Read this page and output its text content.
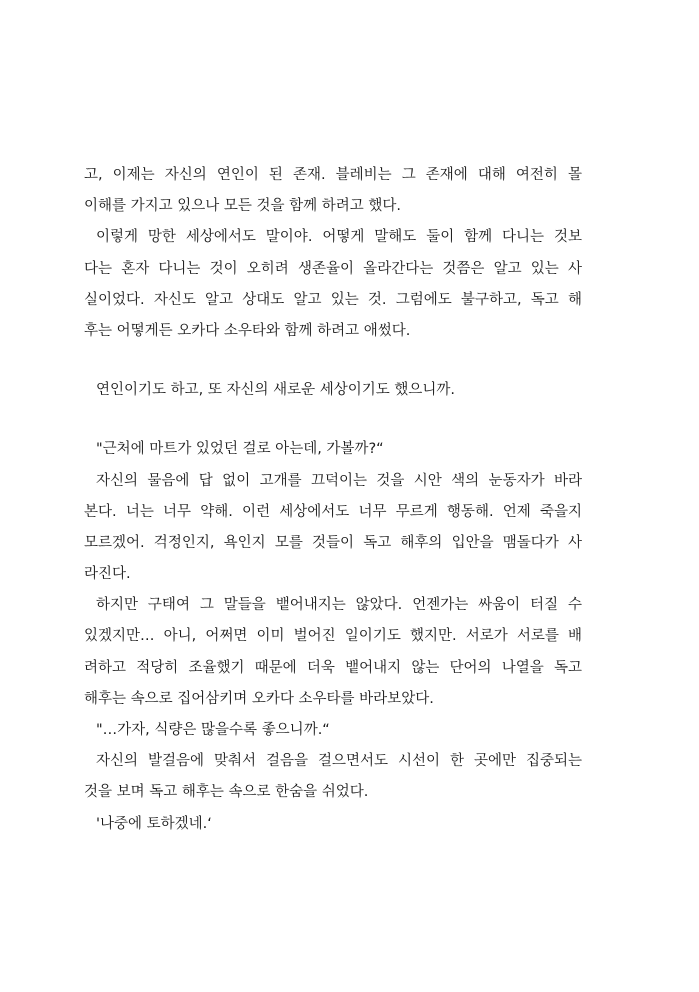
고, 이제는 자신의 연인이 된 존재. 블레비는 그 존재에 대해 여전히 몰
이해를 가지고 있으나 모든 것을 함께 하려고 했다.
이렇게 망한 세상에서도 말이야. 어떻게 말해도 둘이 함께 다니는 것보
다는 혼자 다니는 것이 오히려 생존율이 올라간다는 것쯤은 알고 있는 사
실이었다. 자신도 알고 상대도 알고 있는 것. 그럼에도 불구하고, 독고 해
후는 어떻게든 오카다 소우타와 함께 하려고 애썼다.
연인이기도 하고, 또 자신의 새로운 세상이기도 했으니까.
"근처에 마트가 있었던 걸로 아는데, 가볼까?“
자신의 물음에 답 없이 고개를 끄덕이는 것을 시안 색의 눈동자가 바라
본다. 너는 너무 약해. 이런 세상에서도 너무 무르게 행동해. 언제 죽을지
모르겠어. 걱정인지, 욕인지 모를 것들이 독고 해후의 입안을 맴돌다가 사
라진다.
하지만 구태여 그 말들을 뱉어내지는 않았다. 언젠가는 싸움이 터질 수
있겠지만… 아니, 어쩌면 이미 벌어진 일이기도 했지만. 서로가 서로를 배
려하고 적당히 조율했기 때문에 더욱 뱉어내지 않는 단어의 나열을 독고
해후는 속으로 집어삼키며 오카다 소우타를 바라보았다.
"…가자, 식량은 많을수록 좋으니까.“
자신의 발걸음에 맞춰서 걸음을 걸으면서도 시선이 한 곳에만 집중되는
것을 보며 독고 해후는 속으로 한숨을 쉬었다.
'나중에 토하겠네.‘
